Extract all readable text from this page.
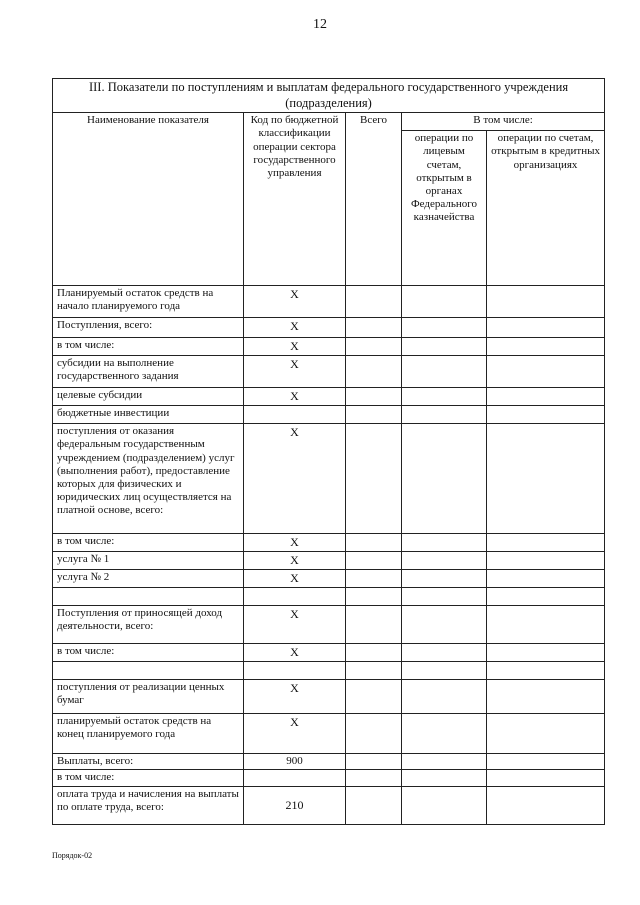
12
III. Показатели по поступлениям и выплатам федерального государственного учреждения (подразделения)				
Наименование показателя	Код по бюджетной классификации операции сектора государственного управления	Всего	В том числе:	
			операции по лицевым счетам, открытым в органах Федерального казначейства	операции по счетам, открытым в кредитных организациях
Планируемый остаток средств на начало планируемого года	Х			
Поступления, всего:	Х			
в том числе:	Х			
субсидии на выполнение государственного задания	Х			
целевые субсидии	Х			
бюджетные инвестиции				
поступления от оказания федеральным государственным учреждением (подразделением) услуг (выполнения работ), предоставление которых для физических и юридических лиц осуществляется на платной основе, всего:	Х			
в том числе:	Х			
услуга № 1	Х			
услуга № 2	Х			

Поступления от приносящей доход деятельности, всего:	Х			
в том числе:	Х			

поступления от реализации ценных бумаг	Х			
планируемый остаток средств на конец планируемого года	Х			
Выплаты, всего:	900			
в том числе:				
оплата труда и начисления на выплаты по оплате труда, всего:	210			
Порядок-02
